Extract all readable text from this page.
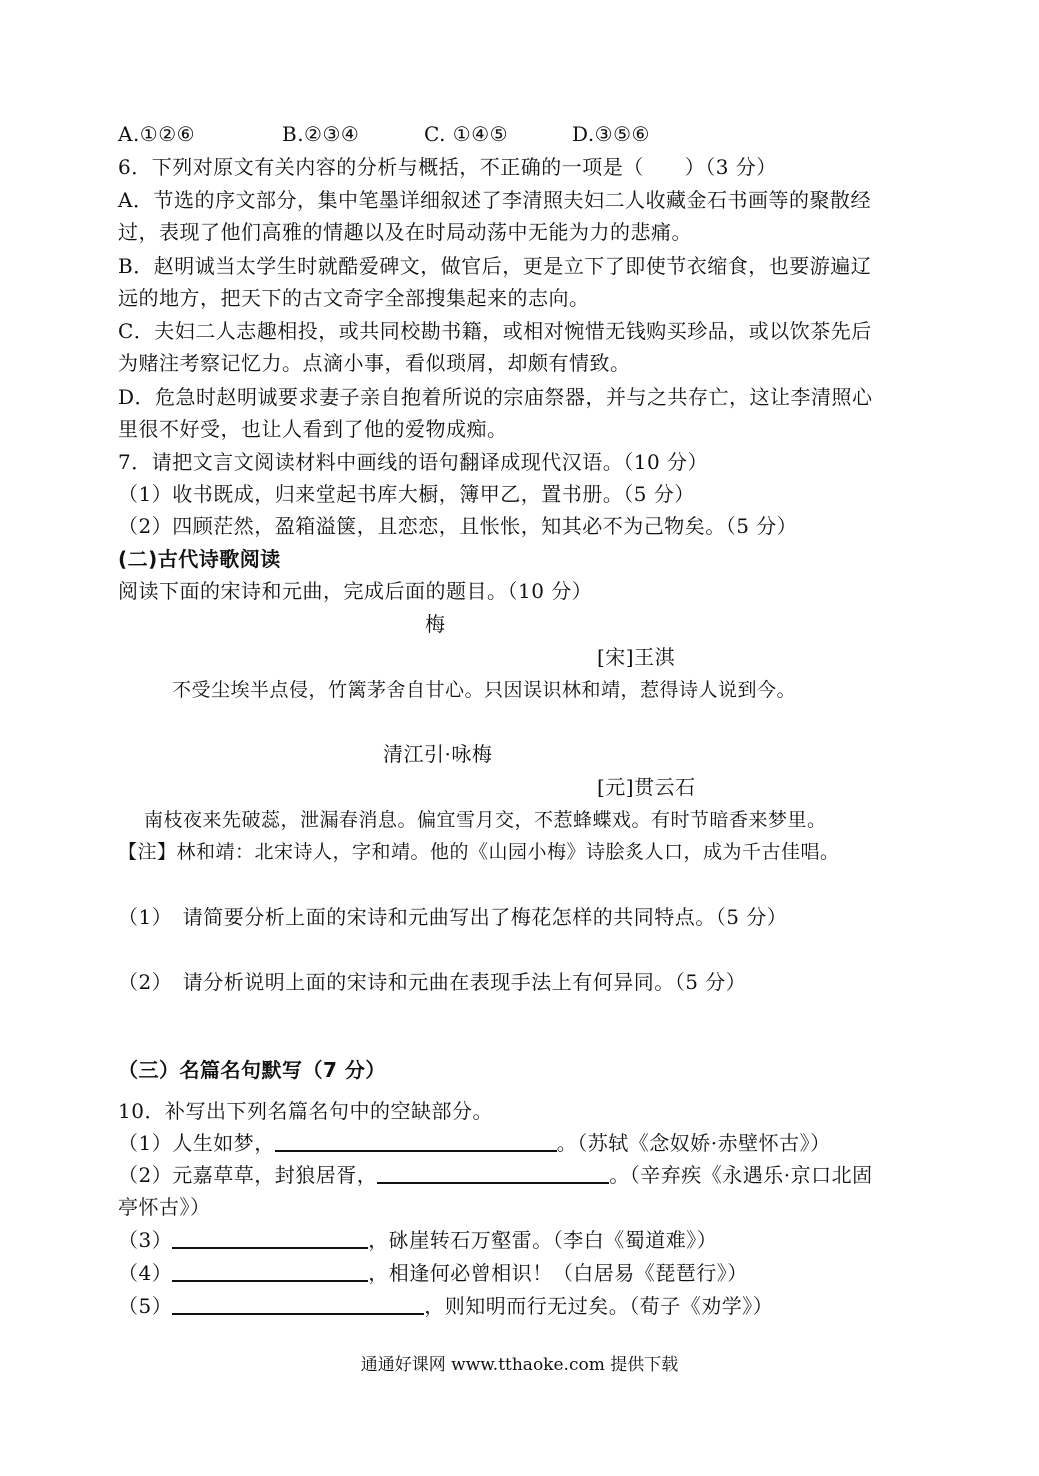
A.①②⑥	B.②③④	C. ①④⑤	D.③⑤⑥
6．下列对原文有关内容的分析与概括，不正确的一项是（　　）（3 分）
A．节选的序文部分，集中笔墨详细叙述了李清照夫妇二人收藏金石书画等的聚散经
过，表现了他们高雅的情趣以及在时局动荡中无能为力的悲痛。
B．赵明诚当太学生时就酷爱碑文，做官后，更是立下了即使节衣缩食，也要游遍辽
远的地方，把天下的古文奇字全部搜集起来的志向。
C．夫妇二人志趣相投，或共同校勘书籍，或相对惋惜无钱购买珍品，或以饮茶先后
为赌注考察记忆力。点滴小事，看似琐屑，却颇有情致。
D．危急时赵明诚要求妻子亲自抱着所说的宗庙祭器，并与之共存亡，这让李清照心
里很不好受，也让人看到了他的爱物成痴。
7．请把文言文阅读材料中画线的语句翻译成现代汉语。（10 分）
（1）收书既成，归来堂起书库大橱，簿甲乙，置书册。（5 分）
（2）四顾茫然，盈箱溢箧，且恋恋，且怅怅，知其必不为己物矣。（5 分）
(二)古代诗歌阅读
阅读下面的宋诗和元曲，完成后面的题目。（10 分）
梅
[宋]王淇
不受尘埃半点侵，竹篱茅舍自甘心。只因误识林和靖，惹得诗人说到今。
清江引·咏梅
[元]贯云石
南枝夜来先破蕊，泄漏春消息。偏宜雪月交，不惹蜂蝶戏。有时节暗香来梦里。
【注】林和靖：北宋诗人，字和靖。他的《山园小梅》诗脍炙人口，成为千古佳唱。
（1）　请简要分析上面的宋诗和元曲写出了梅花怎样的共同特点。（5 分）
（2）　请分析说明上面的宋诗和元曲在表现手法上有何异同。（5 分）
（三）名篇名句默写（7 分）
10．补写出下列名篇名句中的空缺部分。
（1）人生如梦，	。（苏轼《念奴娇·赤壁怀古》）
（2）元嘉草草，封狼居胥，	。（辛弃疾《永遇乐·京口北固
亭怀古》）
（3）	，砯崖转石万壑雷。（李白《蜀道难》）
（4）	，相逢何必曾相识！（白居易《琵琶行》）
（5）	，则知明而行无过矣。（荀子《劝学》）
通通好课网 www.tthaoke.com 提供下载
